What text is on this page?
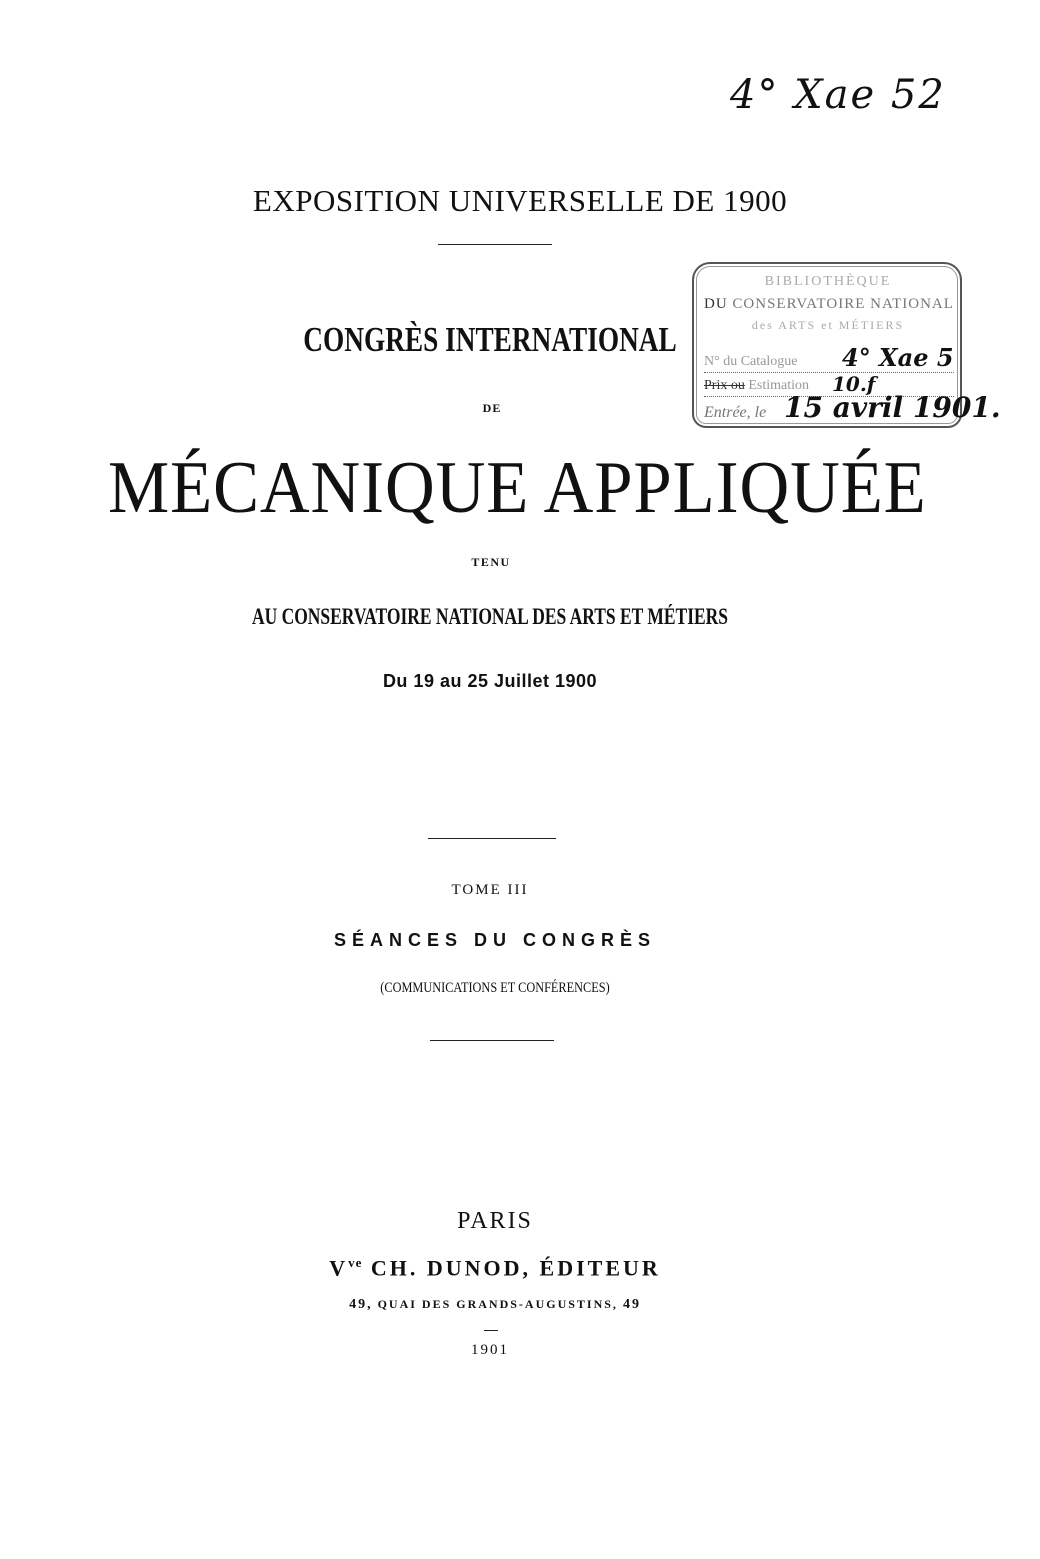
4° Xae 52
EXPOSITION UNIVERSELLE DE 1900
CONGRÈS INTERNATIONAL
DE
MÉCANIQUE APPLIQUÉE
TENU
AU CONSERVATOIRE NATIONAL DES ARTS ET MÉTIERS
Du 19 au 25 Juillet 1900
TOME III
SÉANCES DU CONGRÈS
(COMMUNICATIONS ET CONFÉRENCES)
PARIS
$V^{ve}$ CH. DUNOD, ÉDITEUR
49, QUAI DES GRANDS-AUGUSTINS, 49
1901
BIBLIOTHÈQUE
DU CONSERVATOIRE NATIONAL
des ARTS et MÉTIERS
N° du Catalogue 4° Xae 5
Prix ou Estimation 10.f
Entrée, le 15 avril 1901.
